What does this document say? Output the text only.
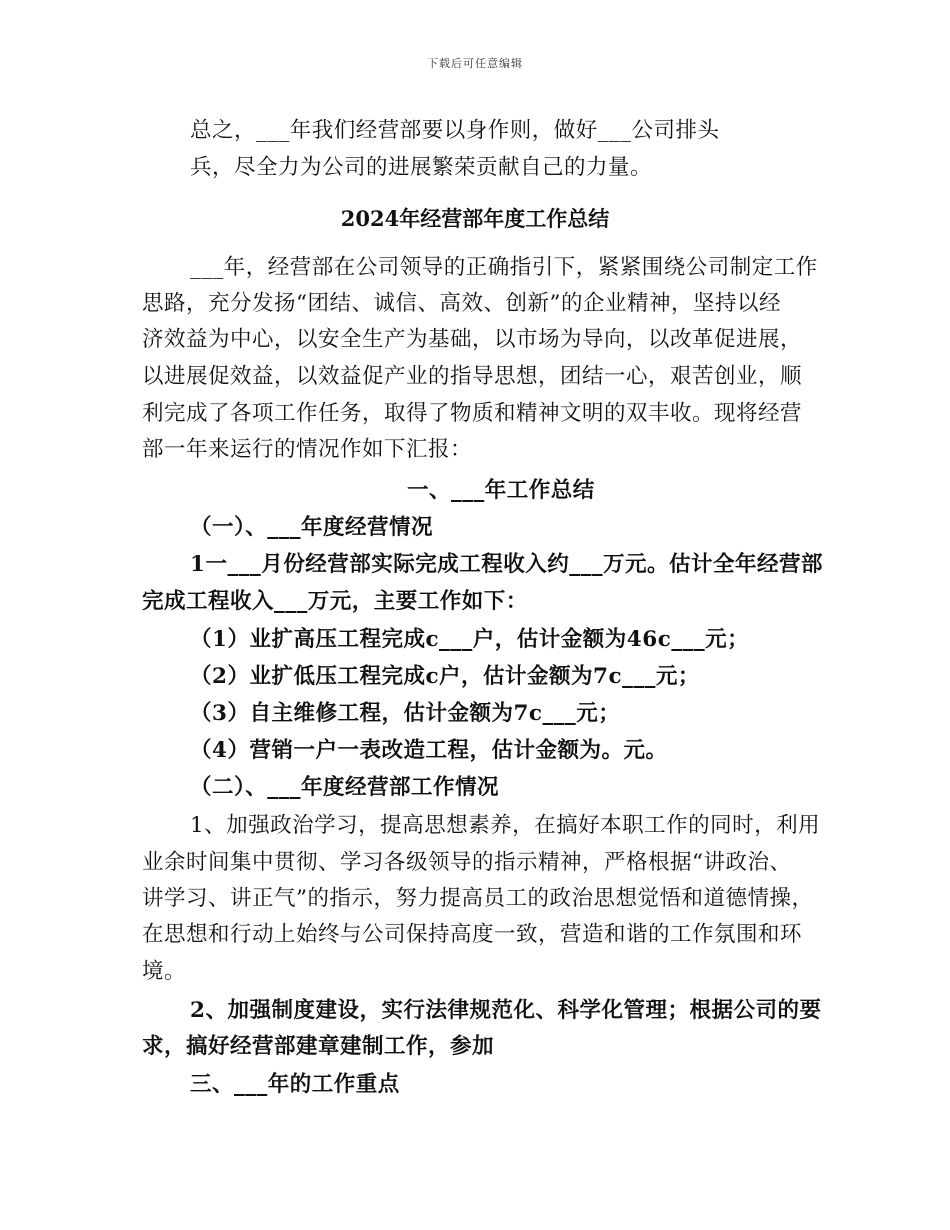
下载后可任意编辑
总之，___年我们经营部要以身作则，做好___公司排头
兵，尽全力为公司的进展繁荣贡献自己的力量。
2024年经营部年度工作总结
___年，经营部在公司领导的正确指引下，紧紧围绕公司制定工作
思路，充分发扬“团结、诚信、高效、创新”的企业精神，坚持以经
济效益为中心，以安全生产为基础，以市场为导向，以改革促进展，
以进展促效益，以效益促产业的指导思想，团结一心，艰苦创业，顺
利完成了各项工作任务，取得了物质和精神文明的双丰收。现将经营
部一年来运行的情况作如下汇报：
一、___年工作总结
（一）、___年度经营情况
1一___月份经营部实际完成工程收入约___万元。估计全年经营部
完成工程收入___万元，主要工作如下：
（1）业扩高压工程完成c___户，估计金额为46c___元；
（2）业扩低压工程完成c户，估计金额为7c___元；
（3）自主维修工程，估计金额为7c___元；
（4）营销一户一表改造工程，估计金额为。元。
（二）、___年度经营部工作情况
1、加强政治学习，提高思想素养，在搞好本职工作的同时，利用
业余时间集中贯彻、学习各级领导的指示精神，严格根据“讲政治、
讲学习、讲正气”的指示，努力提高员工的政治思想觉悟和道德情操，
在思想和行动上始终与公司保持高度一致，营造和谐的工作氛围和环
境。
2、加强制度建设，实行法律规范化、科学化管理；根据公司的要
求，搞好经营部建章建制工作，参加
三、___年的工作重点
